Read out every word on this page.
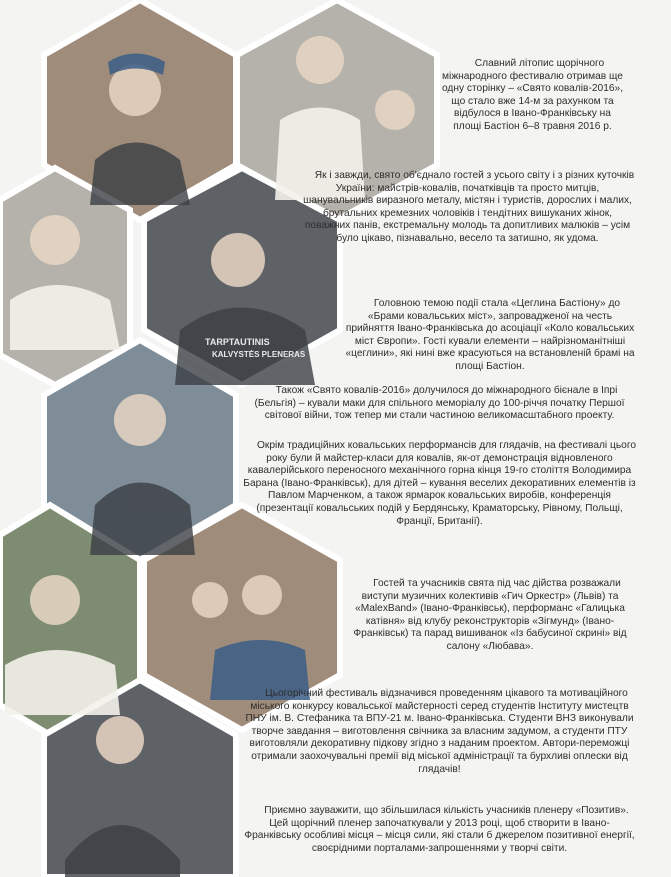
TARPTAUTINIS
KALVYSTĖS PLENERAS

Славний літопис щорічного міжнародного фестивалю отримав ще одну сторінку – «Свято ковалів-2016», що стало вже 14-м за рахунком та відбулося в Івано-Франківську на площі Бастіон 6–8 травня 2016 р.

Як і завжди, свято об'єднало гостей з усього світу і з різних куточків України: майстрів-ковалів, початківців та просто митців, шанувальників виразного металу, містян і туристів, дорослих і малих, брутальних кремезних чоловіків і тендітних вишуканих жінок, поважних панів, екстремальну молодь та допитливих малюків – усім було цікаво, пізнавально, весело та затишно, як удома.

Головною темою події стала «Цеглина Бастіону» до «Брами ковальських міст», запровадженої на честь прийняття Івано-Франківська до асоціації «Коло ковальських міст Європи». Гості кували елементи – найрізноманітніші «цеглини», які нині вже красуються на встановленій брамі на площі Бастіон.

Також «Свято ковалів-2016» долучилося до міжнародного бієнале в Іпрі (Бельгія) – кували маки для спільного меморіалу до 100-річчя початку Першої світової війни, тож тепер ми стали частиною великомасштабного проекту.

Окрім традиційних ковальських перформансів для глядачів, на фестивалі цього року були й майстер-класи для ковалів, як-от демонстрація відновленого кавалерійського переносного механічного горна кінця 19-го століття Володимира Барана (Івано-Франківськ), для дітей – кування веселих декоративних елементів із Павлом Марченком, а також ярмарок ковальських виробів, конференція (презентації ковальських подій у Бердянську, Краматорську, Рівному, Польщі, Франції, Британії).

Гостей та учасників свята під час дійства розважали виступи музичних колективів «Гич Оркестр» (Львів) та «MalexBand» (Івано-Франківськ), перформанс «Галицька катівня» від клубу реконструкторів «Зігмунд» (Івано-Франківськ) та парад вишиванок «Із бабусиної скрині» від салону «Любава».

Цьогорічний фестиваль відзначився проведенням цікавого та мотиваційного міського конкурсу ковальської майстерності серед студентів Інституту мистецтв ПНУ ім. В. Стефаника та ВПУ-21 м. Івано-Франківська. Студенти ВНЗ виконували творче завдання – виготовлення свічника за власним задумом, а студенти ПТУ виготовляли декоративну підкову згідно з наданим проектом. Автори-переможці отримали заохочувальні премії від міської адміністрації та бурхливі оплески від глядачів!

Приємно зауважити, що збільшилася кількість учасників пленеру «Позитив». Цей щорічний пленер започаткували у 2013 році, щоб створити в Івано-Франківську особливі місця – місця сили, які стали б джерелом позитивної енергії, своєрідними порталами-запрошеннями у творчі світи.
